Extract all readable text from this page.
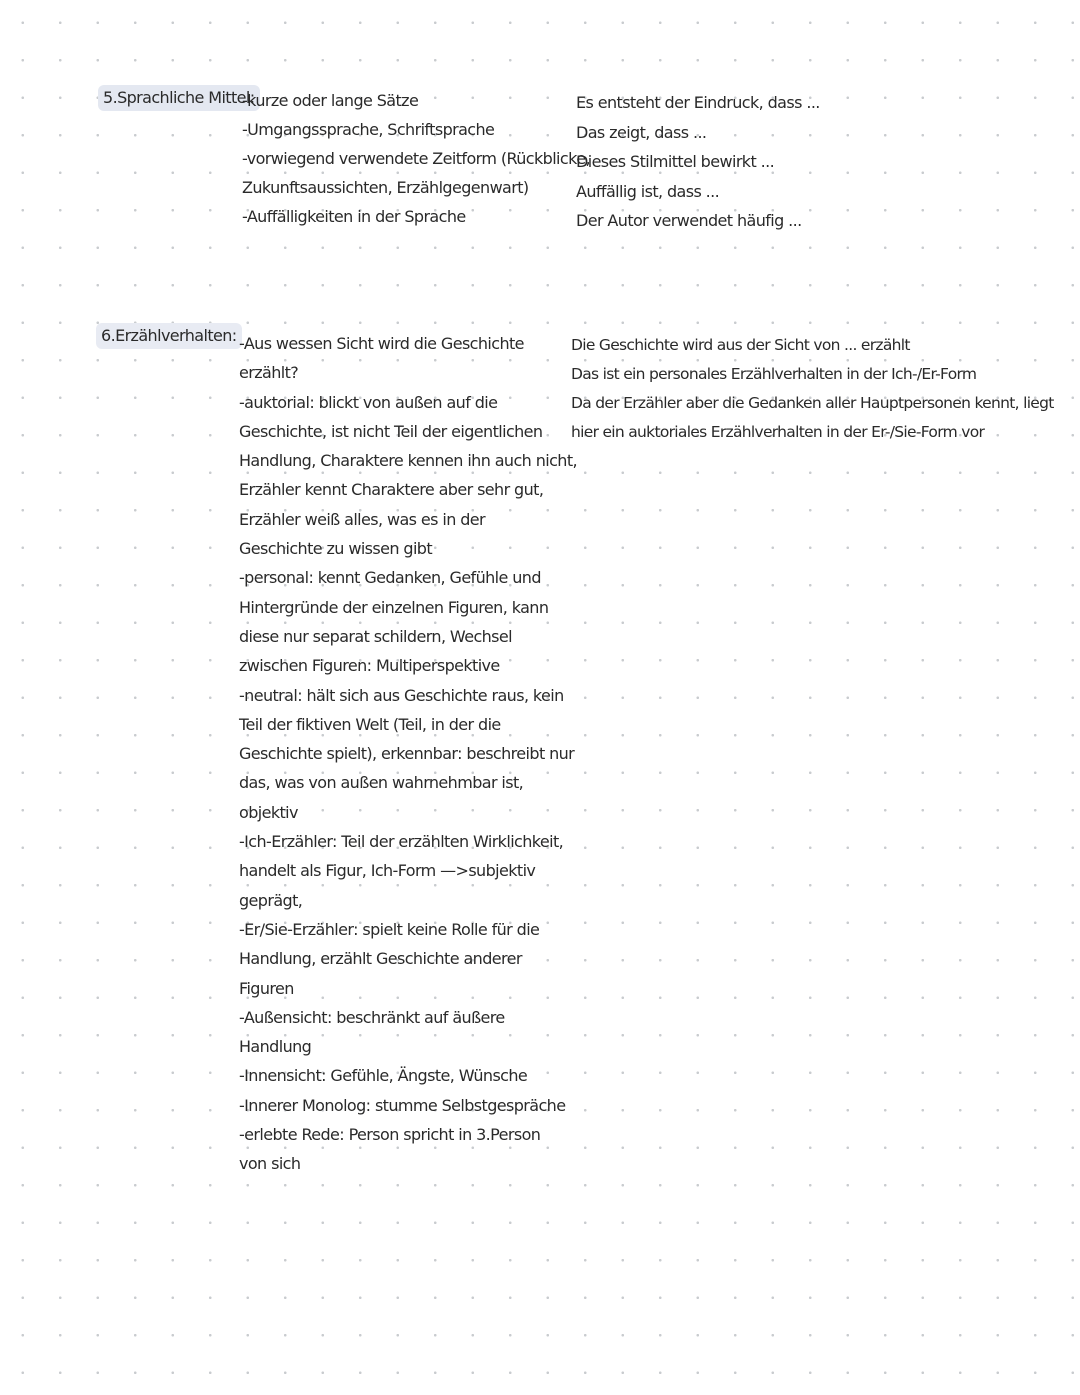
5.Sprachliche Mittel:
-kurze oder lange Sätze
-Umgangssprache, Schriftsprache
-vorwiegend verwendete Zeitform (Rückblicke,
Zukunftsaussichten, Erzählgegenwart)
-Auffälligkeiten in der Sprache
Es entsteht der Eindruck, dass ...
Das zeigt, dass ...
Dieses Stilmittel bewirkt ...
Auffällig ist, dass ...
Der Autor verwendet häufig ...
6.Erzählverhalten: -Aus wessen Sicht wird die Geschichte
erzählt?
-auktorial: blickt von außen auf die
Geschichte, ist nicht Teil der eigentlichen
Handlung, Charaktere kennen ihn auch nicht,
Erzähler kennt Charaktere aber sehr gut,
Erzähler weiß alles, was es in der
Geschichte zu wissen gibt
-personal: kennt Gedanken, Gefühle und
Hintergründe der einzelnen Figuren, kann
diese nur separat schildern, Wechsel
zwischen Figuren: Multiperspektive
-neutral: hält sich aus Geschichte raus, kein
Teil der fiktiven Welt (Teil, in der die
Geschichte spielt), erkennbar: beschreibt nur
das, was von außen wahrnehmbar ist,
objektiv
-Ich-Erzähler: Teil der erzählten Wirklichkeit,
handelt als Figur, Ich-Form —>subjektiv
geprägt,
-Er/Sie-Erzähler: spielt keine Rolle für die
Handlung, erzählt Geschichte anderer
Figuren
-Außensicht: beschränkt auf äußere
Handlung
-Innensicht: Gefühle, Ängste, Wünsche
-Innerer Monolog: stumme Selbstgespräche
-erlebte Rede: Person spricht in 3.Person
von sich
Die Geschichte wird aus der Sicht von ... erzählt
Das ist ein personales Erzählverhalten in der Ich-/Er-Form
Da der Erzähler aber die Gedanken aller Hauptpersonen kennt, liegt
hier ein auktoriales Erzählverhalten in der Er-/Sie-Form vor
